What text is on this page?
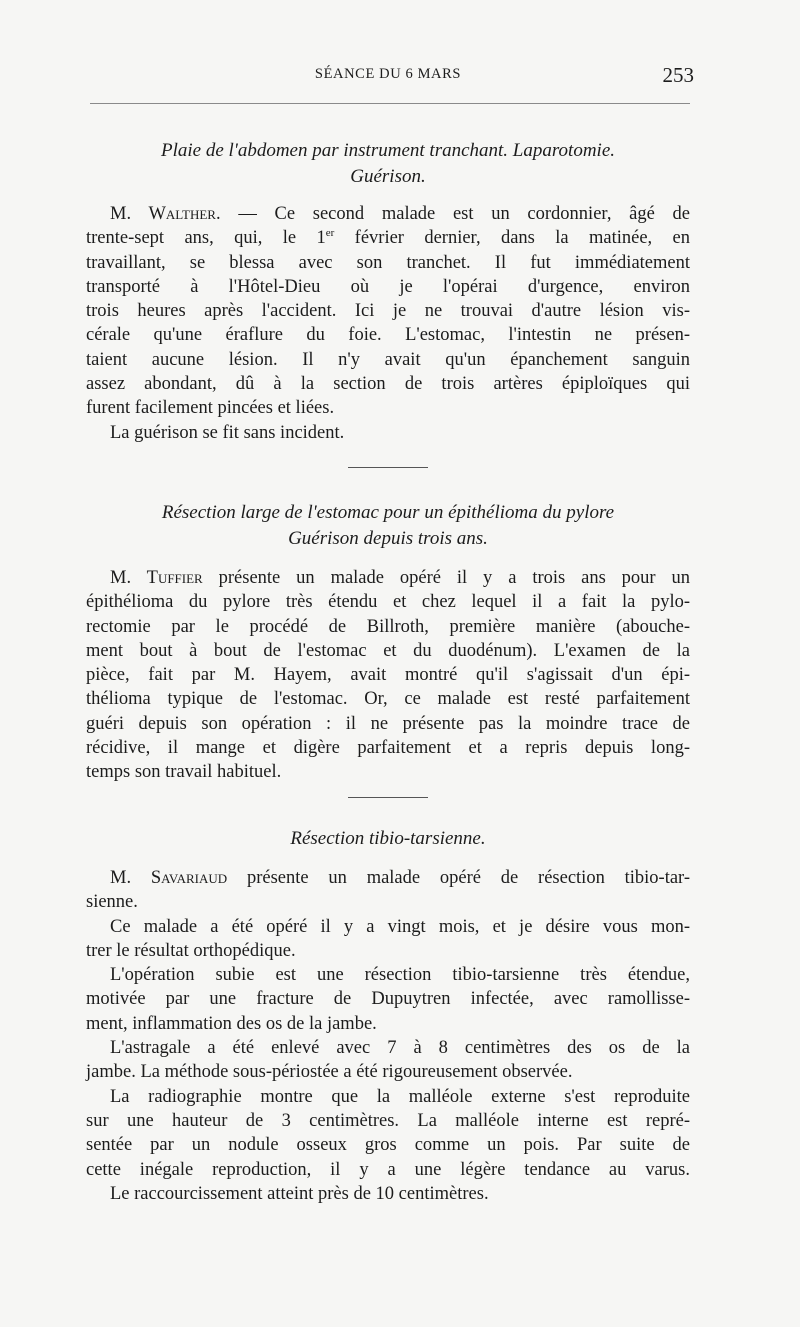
SÉANCE DU 6 MARS	253

Plaie de l'abdomen par instrument tranchant. Laparotomie.
Guérison.

M. Walther. — Ce second malade est un cordonnier, âgé de
trente-sept ans, qui, le 1er février dernier, dans la matinée, en
travaillant, se blessa avec son tranchet. Il fut immédiatement
transporté à l'Hôtel-Dieu où je l'opérai d'urgence, environ
trois heures après l'accident. Ici je ne trouvai d'autre lésion vis-
cérale qu'une éraflure du foie. L'estomac, l'intestin ne présen-
taient aucune lésion. Il n'y avait qu'un épanchement sanguin
assez abondant, dû à la section de trois artères épiploïques qui
furent facilement pincées et liées.
La guérison se fit sans incident.

Résection large de l'estomac pour un épithélioma du pylore
Guérison depuis trois ans.

M. Tuffier présente un malade opéré il y a trois ans pour un
épithélioma du pylore très étendu et chez lequel il a fait la pylo-
rectomie par le procédé de Billroth, première manière (abouche-
ment bout à bout de l'estomac et du duodénum). L'examen de la
pièce, fait par M. Hayem, avait montré qu'il s'agissait d'un épi-
thélioma typique de l'estomac. Or, ce malade est resté parfaitement
guéri depuis son opération : il ne présente pas la moindre trace de
récidive, il mange et digère parfaitement et a repris depuis long-
temps son travail habituel.

Résection tibio-tarsienne.

M. Savariaud présente un malade opéré de résection tibio-tar-
sienne.
Ce malade a été opéré il y a vingt mois, et je désire vous mon-
trer le résultat orthopédique.
L'opération subie est une résection tibio-tarsienne très étendue,
motivée par une fracture de Dupuytren infectée, avec ramollisse-
ment, inflammation des os de la jambe.
L'astragale a été enlevé avec 7 à 8 centimètres des os de la
jambe. La méthode sous-périostée a été rigoureusement observée.
La radiographie montre que la malléole externe s'est reproduite
sur une hauteur de 3 centimètres. La malléole interne est repré-
sentée par un nodule osseux gros comme un pois. Par suite de
cette inégale reproduction, il y a une légère tendance au varus.
Le raccourcissement atteint près de 10 centimètres.
